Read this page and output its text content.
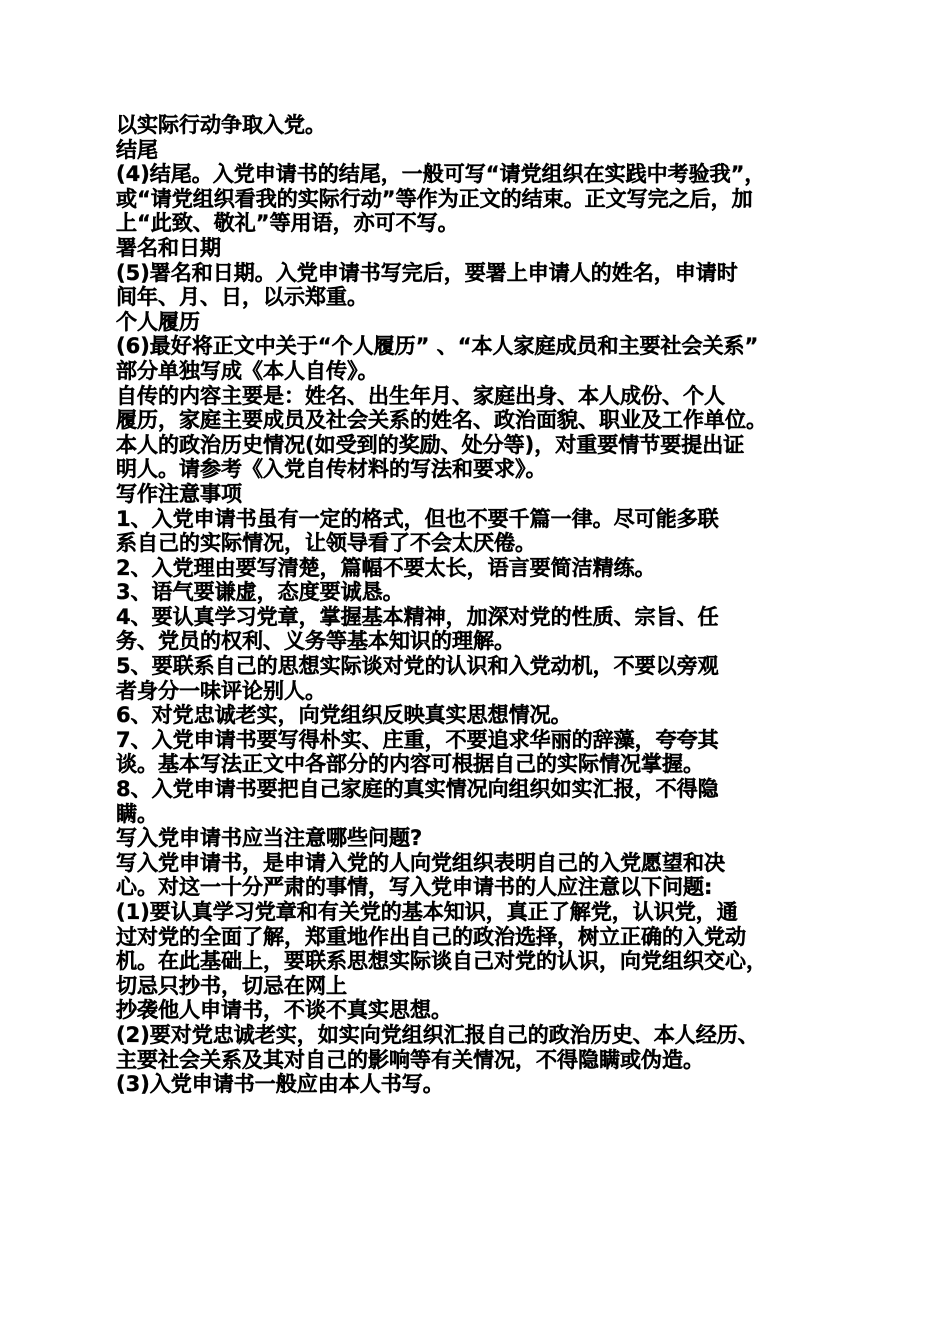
以实际行动争取入党。
结尾
(4)结尾。入党申请书的结尾，一般可写“请党组织在实践中考验我”，
或“请党组织看我的实际行动”等作为正文的结束。正文写完之后，加
上“此致、敬礼”等用语，亦可不写。
署名和日期
(5)署名和日期。入党申请书写完后，要署上申请人的姓名，申请时
间年、月、日，以示郑重。
个人履历
(6)最好将正文中关于“个人履历” 、“本人家庭成员和主要社会关系”
部分单独写成《本人自传》。
自传的内容主要是：姓名、出生年月、家庭出身、本人成份、个人
履历，家庭主要成员及社会关系的姓名、政治面貌、职业及工作单位。
本人的政治历史情况(如受到的奖励、处分等)，对重要情节要提出证
明人。请参考《入党自传材料的写法和要求》。
写作注意事项
1、入党申请书虽有一定的格式，但也不要千篇一律。尽可能多联
系自己的实际情况，让领导看了不会太厌倦。
2、入党理由要写清楚，篇幅不要太长，语言要简洁精练。
3、语气要谦虚，态度要诚恳。
4、要认真学习党章，掌握基本精神，加深对党的性质、宗旨、任
务、党员的权利、义务等基本知识的理解。
5、要联系自己的思想实际谈对党的认识和入党动机，不要以旁观
者身分一味评论别人。
6、对党忠诚老实，向党组织反映真实思想情况。
7、入党申请书要写得朴实、庄重，不要追求华丽的辞藻，夸夸其
谈。基本写法正文中各部分的内容可根据自己的实际情况掌握。
8、入党申请书要把自己家庭的真实情况向组织如实汇报，不得隐
瞒。
写入党申请书应当注意哪些问题?
写入党申请书，是申请入党的人向党组织表明自己的入党愿望和决
心。对这一十分严肃的事情，写入党申请书的人应注意以下问题:
(1)要认真学习党章和有关党的基本知识，真正了解党，认识党，通
过对党的全面了解，郑重地作出自己的政治选择，树立正确的入党动
机。在此基础上，要联系思想实际谈自己对党的认识，向党组织交心，
切忌只抄书，切忌在网上
抄袭他人申请书，不谈不真实思想。
(2)要对党忠诚老实，如实向党组织汇报自己的政治历史、本人经历、
主要社会关系及其对自己的影响等有关情况，不得隐瞒或伪造。
(3)入党申请书一般应由本人书写。
